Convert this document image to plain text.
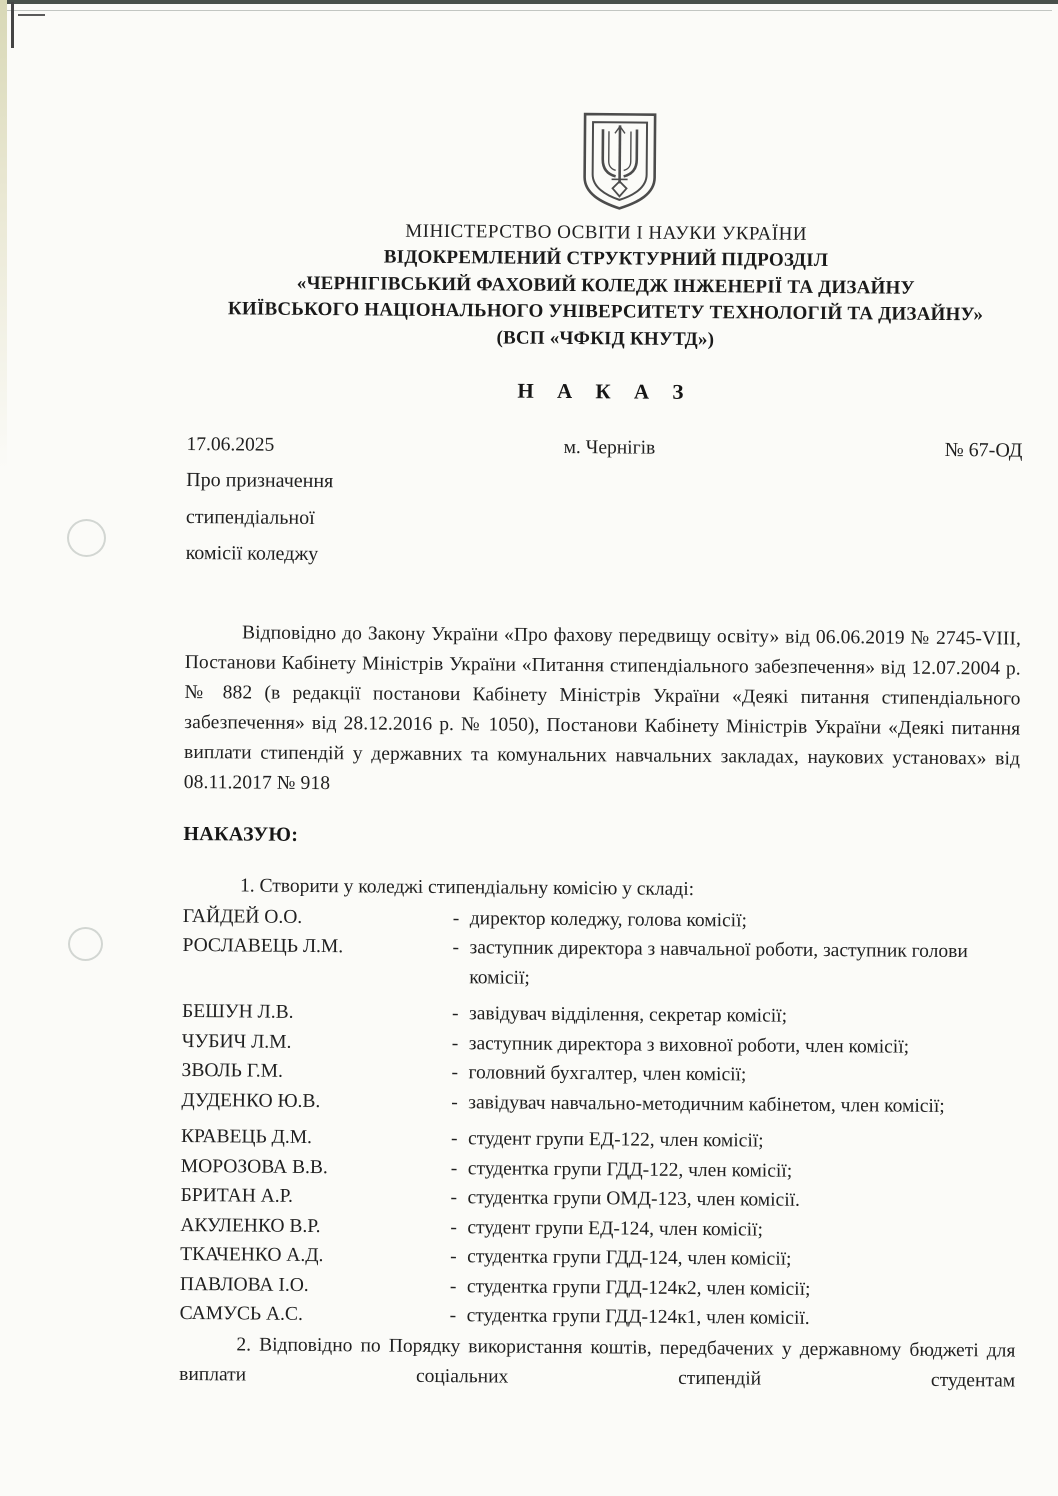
МІНІСТЕРСТВО ОСВІТИ І НАУКИ УКРАЇНИ
ВІДОКРЕМЛЕНИЙ СТРУКТУРНИЙ ПІДРОЗДІЛ
«ЧЕРНІГІВСЬКИЙ ФАХОВИЙ КОЛЕДЖ ІНЖЕНЕРІЇ ТА ДИЗАЙНУ
КИЇВСЬКОГО НАЦІОНАЛЬНОГО УНІВЕРСИТЕТУ ТЕХНОЛОГІЙ ТА ДИЗАЙНУ»
(ВСП «ЧФКІД КНУТД»)
Н А К А З
17.06.2025	м. Чернігів	№ 67-ОД
Про призначення
стипендіальної
комісії коледжу

Відповідно до Закону України «Про фахову передвищу освіту» від 06.06.2019 № 2745-VIII, Постанови Кабінету Міністрів України «Питання стипендіального забезпечення» від 12.07.2004 р. № 882 (в редакції постанови Кабінету Міністрів України «Деякі питання стипендіального забезпечення» від 28.12.2016 р. № 1050), Постанови Кабінету Міністрів України «Деякі питання виплати стипендій у державних та комунальних навчальних закладах, наукових установах» від 08.11.2017 № 918

НАКАЗУЮ:
1. Створити у коледжі стипендіальну комісію у складі:
ГАЙДЕЙ О.О.	- директор коледжу, голова комісії;
РОСЛАВЕЦЬ Л.М.	- заступник директора з навчальної роботи, заступник голови комісії;
БЕШУН Л.В.	- завідувач відділення, секретар комісії;
ЧУБИЧ Л.М.	- заступник директора з виховної роботи, член комісії;
ЗВОЛЬ Г.М.	- головний бухгалтер, член комісії;
ДУДЕНКО Ю.В.	- завідувач навчально-методичним кабінетом, член комісії;
КРАВЕЦЬ Д.М.	- студент групи ЕД-122, член комісії;
МОРОЗОВА В.В.	- студентка групи ГДД-122, член комісії;
БРИТАН А.Р.	- студентка групи ОМД-123, член комісії.
АКУЛЕНКО В.Р.	- студент групи ЕД-124, член комісії;
ТКАЧЕНКО А.Д.	- студентка групи ГДД-124, член комісії;
ПАВЛОВА І.О.	- студентка групи ГДД-124к2, член комісії;
САМУСЬ А.С.	- студентка групи ГДД-124к1, член комісії.

2. Відповідно по Порядку використання коштів, передбачених у державному бюджеті для виплати соціальних стипендій студентам
